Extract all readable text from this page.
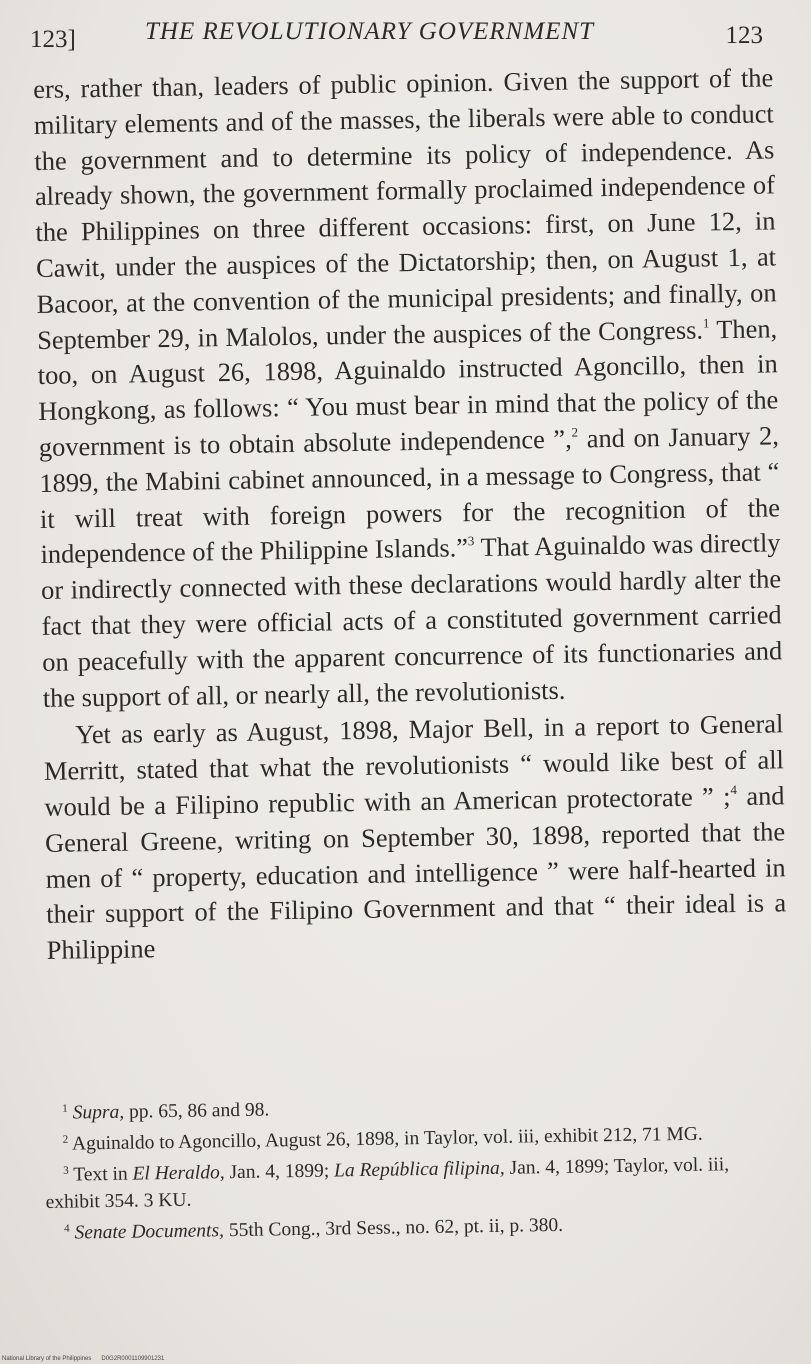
123]	THE REVOLUTIONARY GOVERNMENT	123

ers, rather than, leaders of public opinion. Given the support of the military elements and of the masses, the liberals were able to conduct the government and to determine its policy of independence. As already shown, the government formally proclaimed independence of the Philippines on three different occasions: first, on June 12, in Cawit, under the auspices of the Dictatorship; then, on August 1, at Bacoor, at the convention of the municipal presidents; and finally, on September 29, in Malolos, under the auspices of the Congress.$^1$ Then, too, on August 26, 1898, Aguinaldo instructed Agoncillo, then in Hongkong, as follows: “ You must bear in mind that the policy of the government is to obtain absolute independence ”,$^2$ and on January 2, 1899, the Mabini cabinet announced, in a message to Congress, that “ it will treat with foreign powers for the recognition of the independence of the Philippine Islands.”$^3$ That Aguinaldo was directly or indirectly connected with these declarations would hardly alter the fact that they were official acts of a constituted government carried on peacefully with the apparent concurrence of its functionaries and the support of all, or nearly all, the revolutionists.

Yet as early as August, 1898, Major Bell, in a report to General Merritt, stated that what the revolutionists “ would like best of all would be a Filipino republic with an American protectorate ” ;$^4$ and General Greene, writing on September 30, 1898, reported that the men of “ property, education and intelligence ” were half-hearted in their support of the Filipino Government and that “ their ideal is a Philippine

$^1$ Supra, pp. 65, 86 and 98.

$^2$ Aguinaldo to Agoncillo, August 26, 1898, in Taylor, vol. iii, exhibit 212, 71 MG.

$^3$ Text in El Heraldo, Jan. 4, 1899; La República filipina, Jan. 4, 1899; Taylor, vol. iii, exhibit 354. 3 KU.

$^4$ Senate Documents, 55th Cong., 3rd Sess., no. 62, pt. ii, p. 380.

National Library of the Philippines D0G2R0001109901231
